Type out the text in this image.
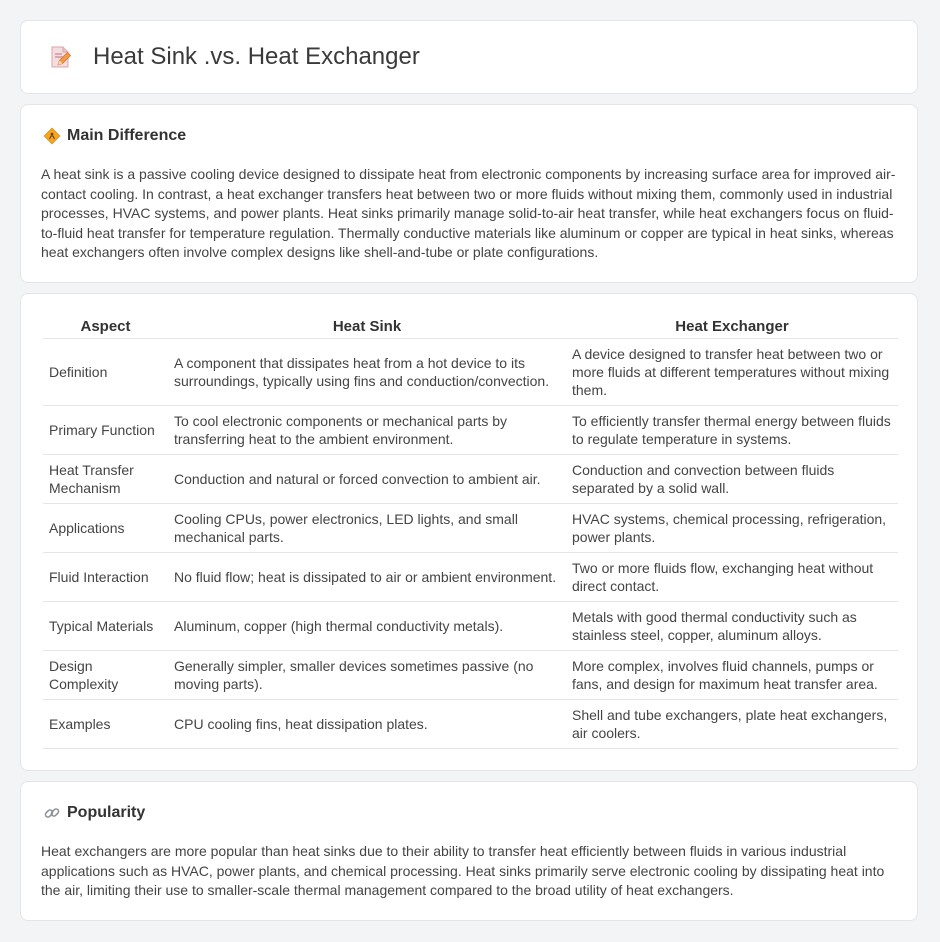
Heat Sink .vs. Heat Exchanger
Main Difference

A heat sink is a passive cooling device designed to dissipate heat from electronic components by increasing surface area for improved air-contact cooling. In contrast, a heat exchanger transfers heat between two or more fluids without mixing them, commonly used in industrial processes, HVAC systems, and power plants. Heat sinks primarily manage solid-to-air heat transfer, while heat exchangers focus on fluid-to-fluid heat transfer for temperature regulation. Thermally conductive materials like aluminum or copper are typical in heat sinks, whereas heat exchangers often involve complex designs like shell-and-tube or plate configurations.

Aspect	Heat Sink	Heat Exchanger
Definition	A component that dissipates heat from a hot device to its surroundings, typically using fins and conduction/convection.	A device designed to transfer heat between two or more fluids at different temperatures without mixing them.
Primary Function	To cool electronic components or mechanical parts by transferring heat to the ambient environment.	To efficiently transfer thermal energy between fluids to regulate temperature in systems.
Heat Transfer Mechanism	Conduction and natural or forced convection to ambient air.	Conduction and convection between fluids separated by a solid wall.
Applications	Cooling CPUs, power electronics, LED lights, and small mechanical parts.	HVAC systems, chemical processing, refrigeration, power plants.
Fluid Interaction	No fluid flow; heat is dissipated to air or ambient environment.	Two or more fluids flow, exchanging heat without direct contact.
Typical Materials	Aluminum, copper (high thermal conductivity metals).	Metals with good thermal conductivity such as stainless steel, copper, aluminum alloys.
Design Complexity	Generally simpler, smaller devices sometimes passive (no moving parts).	More complex, involves fluid channels, pumps or fans, and design for maximum heat transfer area.
Examples	CPU cooling fins, heat dissipation plates.	Shell and tube exchangers, plate heat exchangers, air coolers.
Popularity

Heat exchangers are more popular than heat sinks due to their ability to transfer heat efficiently between fluids in various industrial applications such as HVAC, power plants, and chemical processing. Heat sinks primarily serve electronic cooling by dissipating heat into the air, limiting their use to smaller-scale thermal management compared to the broad utility of heat exchangers.
